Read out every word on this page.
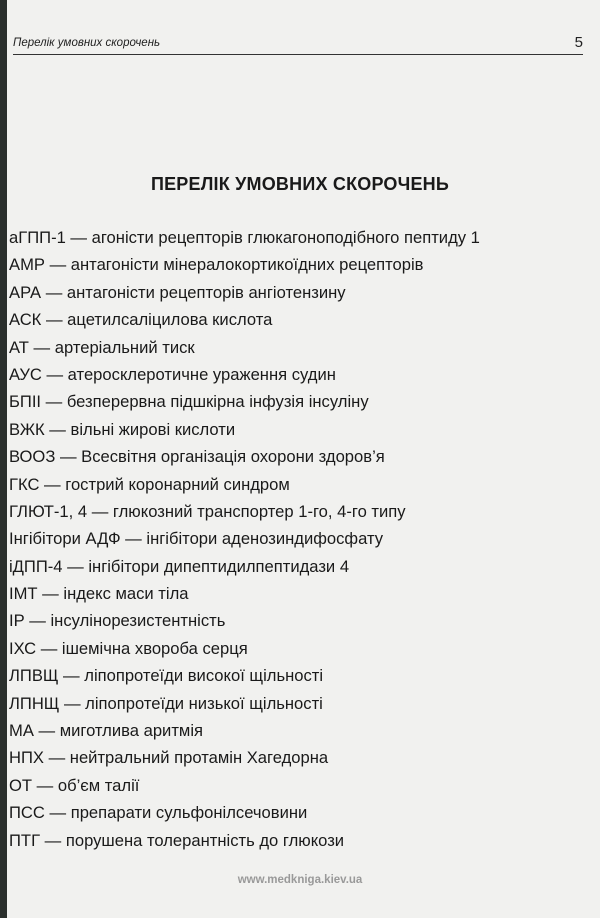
Перелік умовних скорочень	5
ПЕРЕЛІК УМОВНИХ СКОРОЧЕНЬ
аГПП-1 — агоністи рецепторів глюкагоноподібного пептиду 1
АМР — антагоністи мінералокортикоїдних рецепторів
АРА — антагоністи рецепторів ангіотензину
АСК — ацетилсаліцилова кислота
АТ — артеріальний тиск
АУС — атеросклеротичне ураження судин
БПІІ — безперервна підшкірна інфузія інсуліну
ВЖК — вільні жирові кислоти
ВООЗ — Всесвітня організація охорони здоров’я
ГКС — гострий коронарний синдром
ГЛЮТ-1, 4 — глюкозний транспортер 1-го, 4-го типу
Інгібітори АДФ — інгібітори аденозиндифосфату
іДПП-4 — інгібітори дипептидилпептидази 4
ІМТ — індекс маси тіла
ІР — інсулінорезистентність
ІХС — ішемічна хвороба серця
ЛПВЩ — ліпопротеїди високої щільності
ЛПНЩ — ліпопротеїди низької щільності
МА — миготлива аритмія
НПХ — нейтральний протамін Хагедорна
ОТ — об’єм талії
ПСС — препарати сульфонілсечовини
ПТГ — порушена толерантність до глюкози
www.medkniga.kiev.ua
